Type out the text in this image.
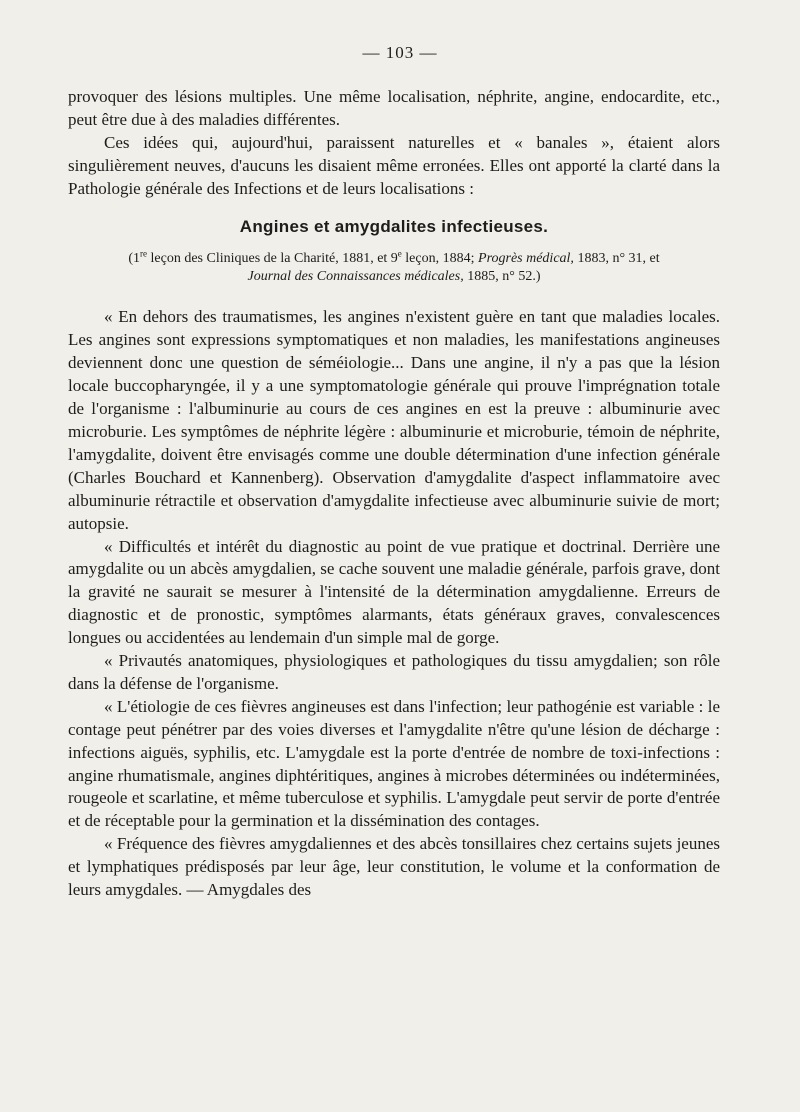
— 103 —

provoquer des lésions multiples. Une même localisation, néphrite, angine, endocardite, etc., peut être due à des maladies différentes.

Ces idées qui, aujourd'hui, paraissent naturelles et « banales », étaient alors singulièrement neuves, d'aucuns les disaient même erronées. Elles ont apporté la clarté dans la Pathologie générale des Infections et de leurs localisations :

Angines et amygdalites infectieuses.

(1re leçon des Cliniques de la Charité, 1881, et 9e leçon, 1884; Progrès médical, 1883, n° 31, et
Journal des Connaissances médicales, 1885, n° 52.)

« En dehors des traumatismes, les angines n'existent guère en tant que maladies locales. Les angines sont expressions symptomatiques et non maladies, les manifestations angineuses deviennent donc une question de séméiologie... Dans une angine, il n'y a pas que la lésion locale buccopharyngée, il y a une symptomatologie générale qui prouve l'imprégnation totale de l'organisme : l'albuminurie au cours de ces angines en est la preuve : albuminurie avec microburie. Les symptômes de néphrite légère : albuminurie et microburie, témoin de néphrite, l'amygdalite, doivent être envisagés comme une double détermination d'une infection générale (Charles Bouchard et Kannenberg). Observation d'amygdalite d'aspect inflammatoire avec albuminurie rétractile et observation d'amygdalite infectieuse avec albuminurie suivie de mort; autopsie.

« Difficultés et intérêt du diagnostic au point de vue pratique et doctrinal. Derrière une amygdalite ou un abcès amygdalien, se cache souvent une maladie générale, parfois grave, dont la gravité ne saurait se mesurer à l'intensité de la détermination amygdalienne. Erreurs de diagnostic et de pronostic, symptômes alarmants, états généraux graves, convalescences longues ou accidentées au lendemain d'un simple mal de gorge.

« Privautés anatomiques, physiologiques et pathologiques du tissu amygdalien; son rôle dans la défense de l'organisme.

« L'étiologie de ces fièvres angineuses est dans l'infection; leur pathogénie est variable : le contage peut pénétrer par des voies diverses et l'amygdalite n'être qu'une lésion de décharge : infections aiguës, syphilis, etc. L'amygdale est la porte d'entrée de nombre de toxi-infections : angine rhumatismale, angines diphtéritiques, angines à microbes déterminées ou indéterminées, rougeole et scarlatine, et même tuberculose et syphilis. L'amygdale peut servir de porte d'entrée et de réceptable pour la germination et la dissémination des contages.

« Fréquence des fièvres amygdaliennes et des abcès tonsillaires chez certains sujets jeunes et lymphatiques prédisposés par leur âge, leur constitution, le volume et la conformation de leurs amygdales. — Amygdales des
